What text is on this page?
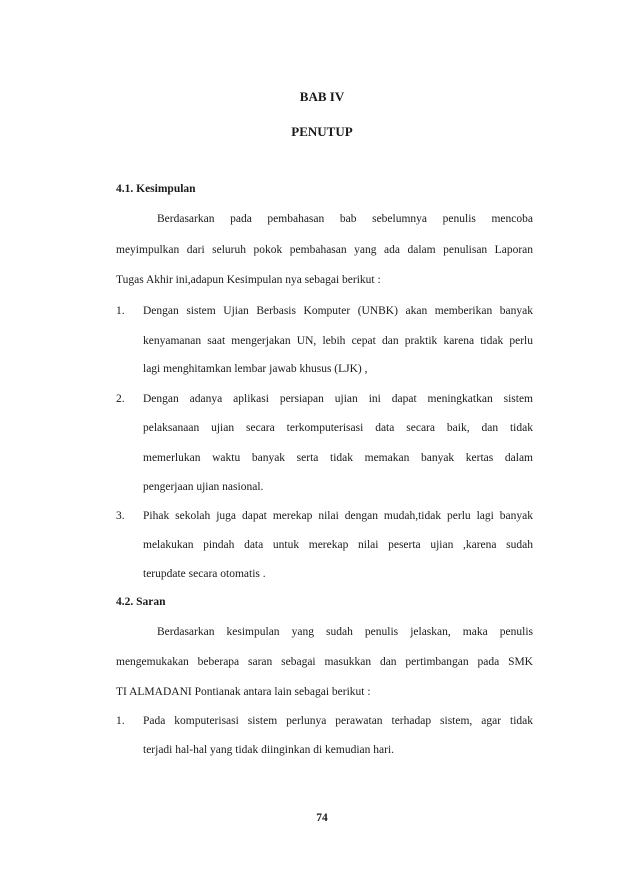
BAB IV
PENUTUP
4.1. Kesimpulan
Berdasarkan pada pembahasan bab sebelumnya penulis mencoba
meyimpulkan dari seluruh pokok pembahasan yang ada dalam penulisan Laporan
Tugas Akhir ini,adapun Kesimpulan nya sebagai berikut :
1. Dengan sistem Ujian Berbasis Komputer (UNBK) akan memberikan banyak
kenyamanan saat mengerjakan UN, lebih cepat dan praktik karena tidak perlu
lagi menghitamkan lembar jawab khusus (LJK) ,
2. Dengan adanya aplikasi persiapan ujian ini dapat meningkatkan sistem
pelaksanaan ujian secara terkomputerisasi data secara baik, dan tidak
memerlukan waktu banyak serta tidak memakan banyak kertas dalam
pengerjaan ujian nasional.
3. Pihak sekolah juga dapat merekap nilai dengan mudah,tidak perlu lagi banyak
melakukan pindah data untuk merekap nilai peserta ujian ,karena sudah
terupdate secara otomatis .
4.2. Saran
Berdasarkan kesimpulan yang sudah penulis jelaskan, maka penulis
mengemukakan beberapa saran sebagai masukkan dan pertimbangan pada SMK
TI ALMADANI Pontianak antara lain sebagai berikut :
1. Pada komputerisasi sistem perlunya perawatan terhadap sistem, agar tidak
terjadi hal-hal yang tidak diinginkan di kemudian hari.
74
